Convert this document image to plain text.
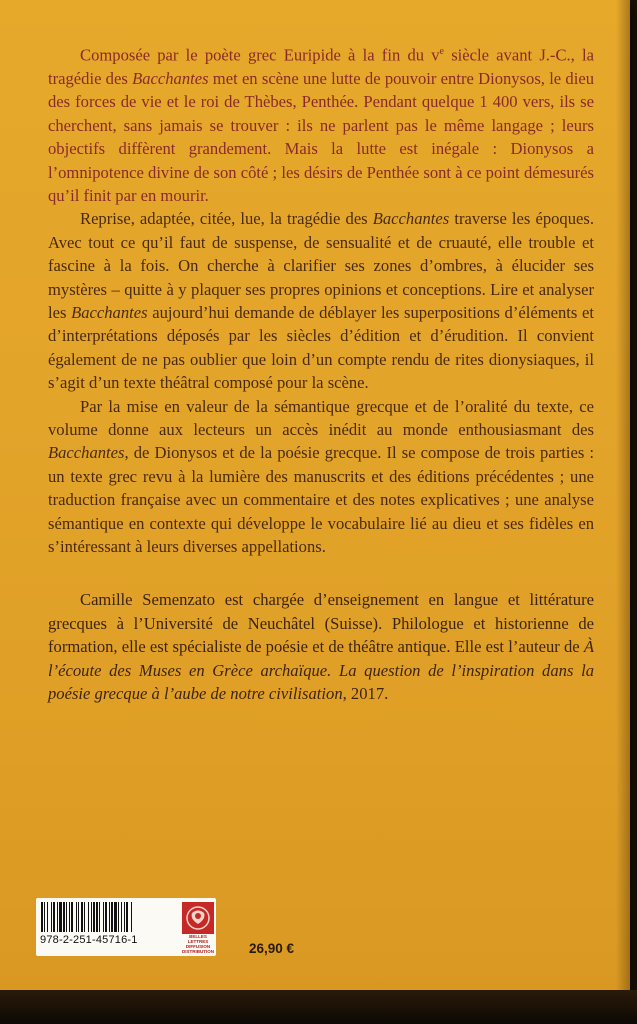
Composée par le poète grec Euripide à la fin du $v^e$ siècle avant J.-C., la tragédie des Bacchantes met en scène une lutte de pouvoir entre Dionysos, le dieu des forces de vie et le roi de Thèbes, Penthée. Pendant quelque 1 400 vers, ils se cherchent, sans jamais se trouver : ils ne parlent pas le même langage ; leurs objectifs diffèrent grandement. Mais la lutte est inégale : Dionysos a l’omnipotence divine de son côté ; les désirs de Penthée sont à ce point démesurés qu’il finit par en mourir.

Reprise, adaptée, citée, lue, la tragédie des Bacchantes traverse les époques. Avec tout ce qu’il faut de suspense, de sensualité et de cruauté, elle trouble et fascine à la fois. On cherche à clarifier ses zones d’ombres, à élucider ses mystères – quitte à y plaquer ses propres opinions et conceptions. Lire et analyser les Bacchantes aujourd’hui demande de déblayer les superpositions d’éléments et d’interprétations déposés par les siècles d’édition et d’érudition. Il convient également de ne pas oublier que loin d’un compte rendu de rites dionysiaques, il s’agit d’un texte théâtral composé pour la scène.

Par la mise en valeur de la sémantique grecque et de l’oralité du texte, ce volume donne aux lecteurs un accès inédit au monde enthousiasmant des Bacchantes, de Dionysos et de la poésie grecque. Il se compose de trois parties : un texte grec revu à la lumière des manuscrits et des éditions précédentes ; une traduction française avec un commentaire et des notes explicatives ; une analyse sémantique en contexte qui développe le vocabulaire lié au dieu et ses fidèles en s’intéressant à leurs diverses appellations.

Camille Semenzato est chargée d’enseignement en langue et littérature grecques à l’Université de Neuchâtel (Suisse). Philologue et historienne de formation, elle est spécialiste de poésie et de théâtre antique. Elle est l’auteur de À l’écoute des Muses en Grèce archaïque. La question de l’inspiration dans la poésie grecque à l’aube de notre civilisation, 2017.

978-2-251-45716-1	BELLES LETTRES DIFFUSION DISTRIBUTION	26,90 €
